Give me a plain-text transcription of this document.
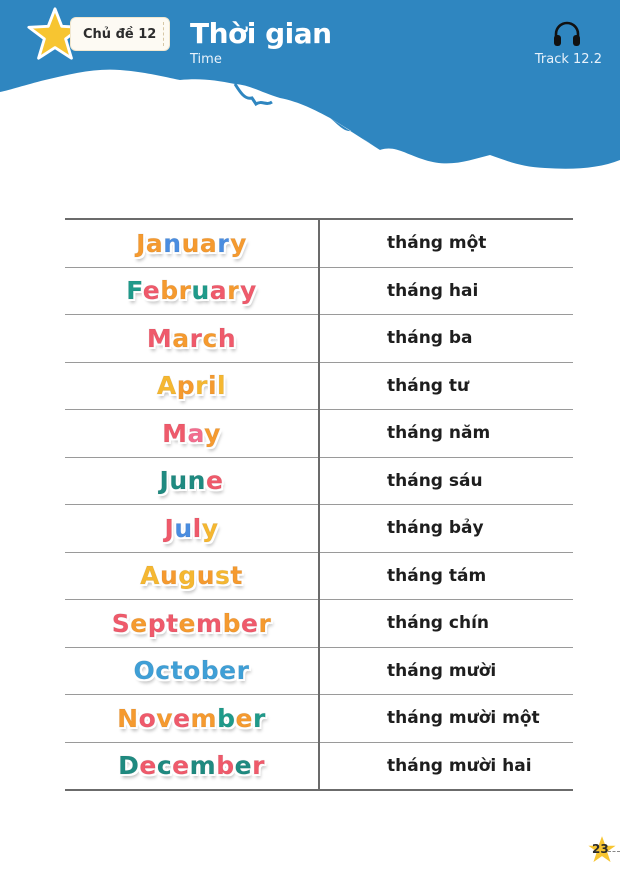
Chủ đề 12	Thời gian
Time	Track 12.2
January	tháng một
February	tháng hai
March	tháng ba
April	tháng tư
May	tháng năm
June	tháng sáu
July	tháng bảy
August	tháng tám
September	tháng chín
October	tháng mười
November	tháng mười một
December	tháng mười hai
23
